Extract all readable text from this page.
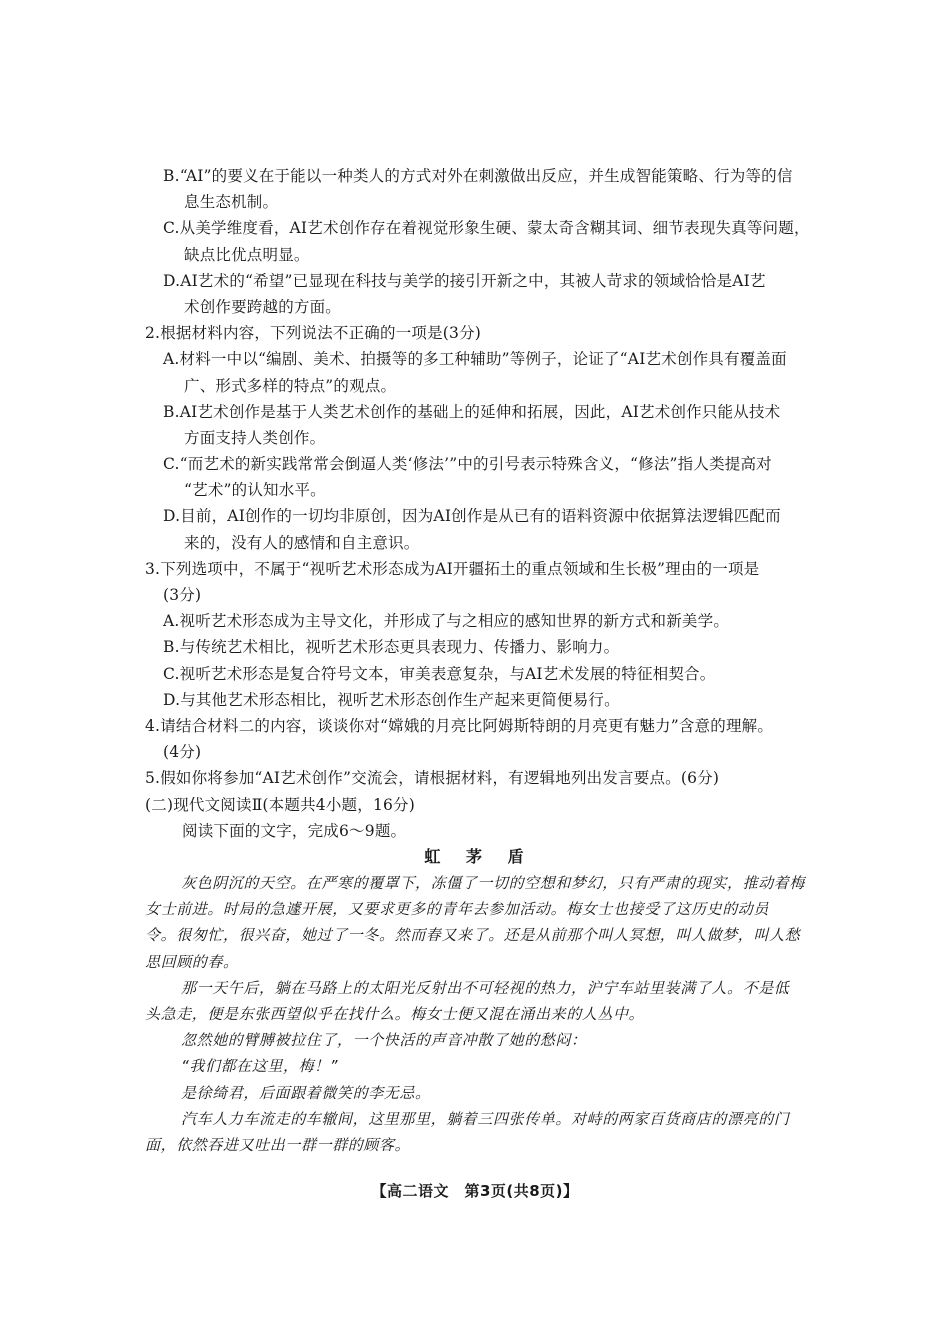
B.“AI”的要义在于能以一种类人的方式对外在刺激做出反应，并生成智能策略、行为等的信
息生态机制。
C.从美学维度看，AI艺术创作存在着视觉形象生硬、蒙太奇含糊其词、细节表现失真等问题，
缺点比优点明显。
D.AI艺术的“希望”已显现在科技与美学的接引开新之中，其被人苛求的领域恰恰是AI艺
术创作要跨越的方面。
2.根据材料内容，下列说法不正确的一项是(3分)
A.材料一中以“编剧、美术、拍摄等的多工种辅助”等例子，论证了“AI艺术创作具有覆盖面
广、形式多样的特点”的观点。
B.AI艺术创作是基于人类艺术创作的基础上的延伸和拓展，因此，AI艺术创作只能从技术
方面支持人类创作。
C.“而艺术的新实践常常会倒逼人类‘修法’”中的引号表示特殊含义，“修法”指人类提高对
“艺术”的认知水平。
D.目前，AI创作的一切均非原创，因为AI创作是从已有的语料资源中依据算法逻辑匹配而
来的，没有人的感情和自主意识。
3.下列选项中，不属于“视听艺术形态成为AI开疆拓土的重点领域和生长极”理由的一项是
(3分)
A.视听艺术形态成为主导文化，并形成了与之相应的感知世界的新方式和新美学。
B.与传统艺术相比，视听艺术形态更具表现力、传播力、影响力。
C.视听艺术形态是复合符号文本，审美表意复杂，与AI艺术发展的特征相契合。
D.与其他艺术形态相比，视听艺术形态创作生产起来更简便易行。
4.请结合材料二的内容，谈谈你对“嫦娥的月亮比阿姆斯特朗的月亮更有魅力”含意的理解。
(4分)
5.假如你将参加“AI艺术创作”交流会，请根据材料，有逻辑地列出发言要点。(6分)
(二)现代文阅读Ⅱ(本题共4小题，16分)
阅读下面的文字，完成6～9题。
虹 茅 盾
灰色阴沉的天空。在严寒的覆罩下，冻僵了一切的空想和梦幻，只有严肃的现实，推动着梅
女士前进。时局的急遽开展，又要求更多的青年去参加活动。梅女士也接受了这历史的动员
令。很匆忙，很兴奋，她过了一冬。然而春又来了。还是从前那个叫人冥想，叫人做梦，叫人愁
思回顾的春。
那一天午后，躺在马路上的太阳光反射出不可轻视的热力，沪宁车站里装满了人。不是低
头急走，便是东张西望似乎在找什么。梅女士便又混在涌出来的人丛中。
忽然她的臂膊被拉住了，一个快活的声音冲散了她的愁闷：
“我们都在这里，梅！”
是徐绮君，后面跟着微笑的李无忌。
汽车人力车流走的车辙间，这里那里，躺着三四张传单。对峙的两家百货商店的漂亮的门
面，依然吞进又吐出一群一群的顾客。
【高二语文　第3页(共8页)】
